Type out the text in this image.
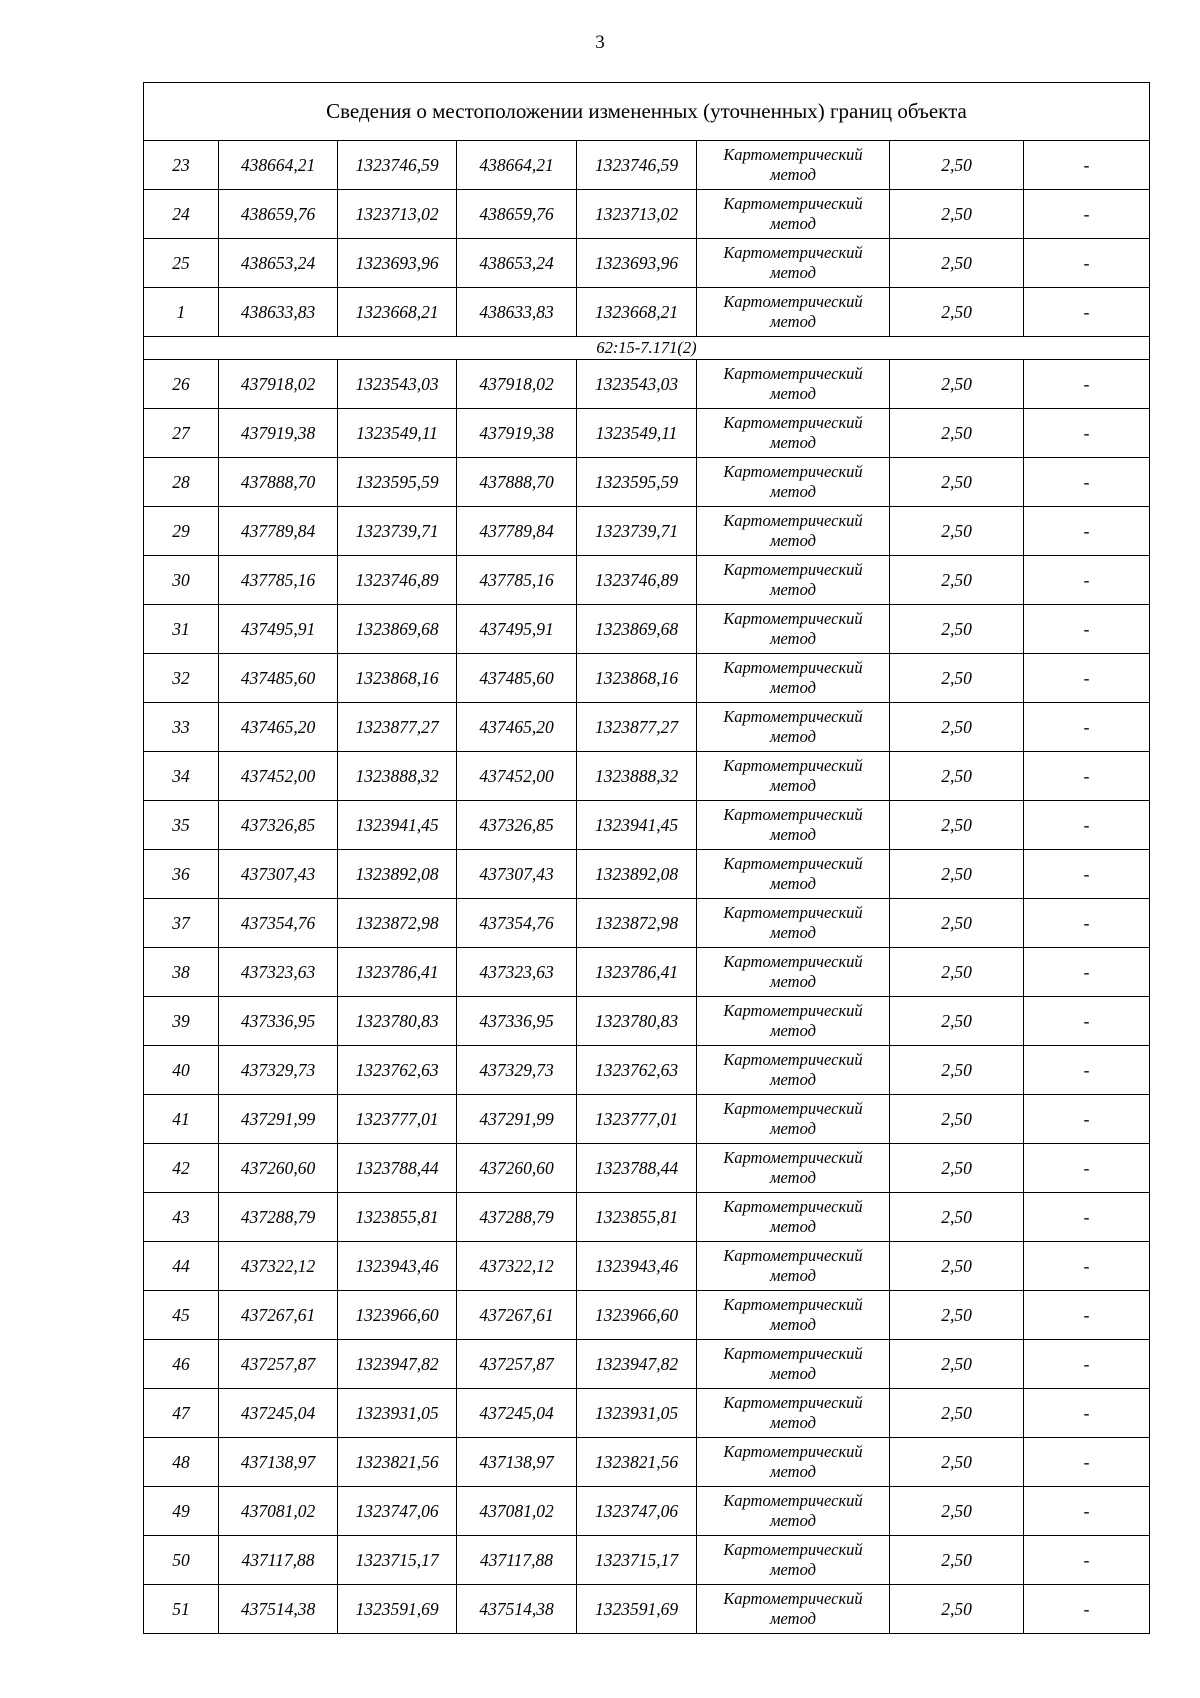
3
Сведения о местоположении измененных (уточненных) границ объекта							
23	438664,21	1323746,59	438664,21	1323746,59	Картометрический
метод	2,50	-
24	438659,76	1323713,02	438659,76	1323713,02	Картометрический
метод	2,50	-
25	438653,24	1323693,96	438653,24	1323693,96	Картометрический
метод	2,50	-
1	438633,83	1323668,21	438633,83	1323668,21	Картометрический
метод	2,50	-
62:15-7.171(2)							
26	437918,02	1323543,03	437918,02	1323543,03	Картометрический
метод	2,50	-
27	437919,38	1323549,11	437919,38	1323549,11	Картометрический
метод	2,50	-
28	437888,70	1323595,59	437888,70	1323595,59	Картометрический
метод	2,50	-
29	437789,84	1323739,71	437789,84	1323739,71	Картометрический
метод	2,50	-
30	437785,16	1323746,89	437785,16	1323746,89	Картометрический
метод	2,50	-
31	437495,91	1323869,68	437495,91	1323869,68	Картометрический
метод	2,50	-
32	437485,60	1323868,16	437485,60	1323868,16	Картометрический
метод	2,50	-
33	437465,20	1323877,27	437465,20	1323877,27	Картометрический
метод	2,50	-
34	437452,00	1323888,32	437452,00	1323888,32	Картометрический
метод	2,50	-
35	437326,85	1323941,45	437326,85	1323941,45	Картометрический
метод	2,50	-
36	437307,43	1323892,08	437307,43	1323892,08	Картометрический
метод	2,50	-
37	437354,76	1323872,98	437354,76	1323872,98	Картометрический
метод	2,50	-
38	437323,63	1323786,41	437323,63	1323786,41	Картометрический
метод	2,50	-
39	437336,95	1323780,83	437336,95	1323780,83	Картометрический
метод	2,50	-
40	437329,73	1323762,63	437329,73	1323762,63	Картометрический
метод	2,50	-
41	437291,99	1323777,01	437291,99	1323777,01	Картометрический
метод	2,50	-
42	437260,60	1323788,44	437260,60	1323788,44	Картометрический
метод	2,50	-
43	437288,79	1323855,81	437288,79	1323855,81	Картометрический
метод	2,50	-
44	437322,12	1323943,46	437322,12	1323943,46	Картометрический
метод	2,50	-
45	437267,61	1323966,60	437267,61	1323966,60	Картометрический
метод	2,50	-
46	437257,87	1323947,82	437257,87	1323947,82	Картометрический
метод	2,50	-
47	437245,04	1323931,05	437245,04	1323931,05	Картометрический
метод	2,50	-
48	437138,97	1323821,56	437138,97	1323821,56	Картометрический
метод	2,50	-
49	437081,02	1323747,06	437081,02	1323747,06	Картометрический
метод	2,50	-
50	437117,88	1323715,17	437117,88	1323715,17	Картометрический
метод	2,50	-
51	437514,38	1323591,69	437514,38	1323591,69	Картометрический
метод	2,50	-
